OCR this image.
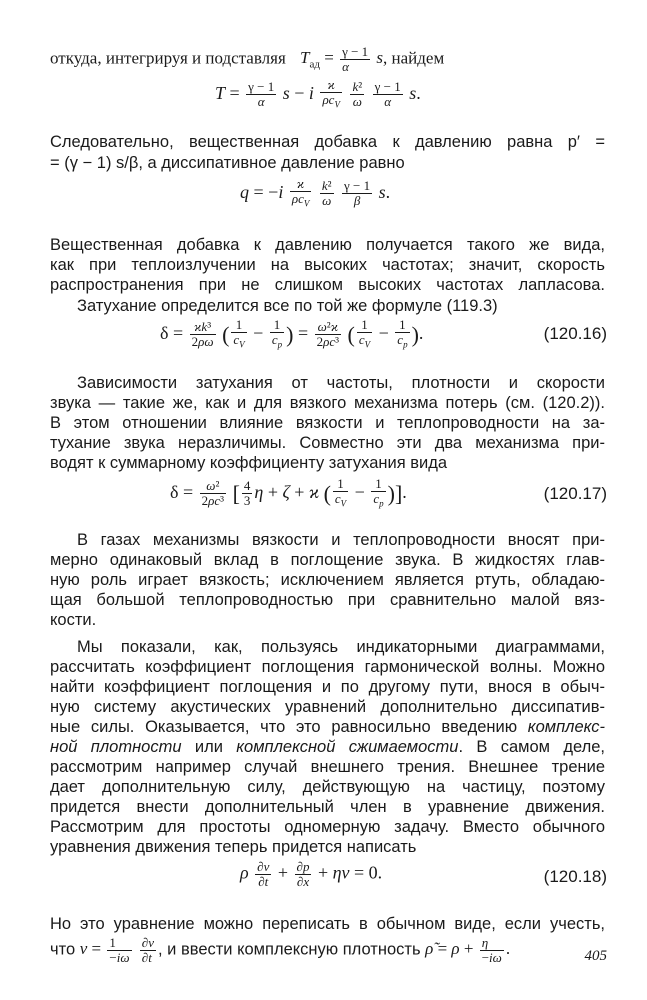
откуда, интегрируя и подставляя $T_{ад} = \frac{\gamma - 1}{\alpha} s$, найдем
$T = \frac{\gamma - 1}{\alpha}$ s − i $\frac{ϰ}{\rho c_V}$
$\frac{\text{k²}}{\omega}$
$\frac{\gamma - 1}{\alpha} s$.
Следовательно, вещественная добавка к давлению равна p′ =
= (γ − 1) s/β, а диссипативное давление равно
$q = -i \frac{ϰ}{\rho c_V}$
$\frac{\text{k²}}{\omega}$
$\frac{\gamma - 1}{\beta} s$.
Вещественная добавка к давлению получается такого же вида,
как при теплоизлучении на высоких частотах; значит, скорость
распространения при не слишком высоких частотах лапласова.
Затухание определится все по той же формуле (119.3)
$\delta = \frac{\text{ϰk³}}{2\rho\omega}$ ( $\frac{1}{c_V} - \frac{1}{c_p}$ ) = $\frac{\text{ω²ϰ}}{\text{2ρc³}}$ ( $\frac{1}{c_V} - \frac{1}{c_p}$ ).	(120.16)
Зависимости затухания от частоты, плотности и скорости
звука — такие же, как и для вязкого механизма потерь (см. (120.2)).
В этом отношении влияние вязкости и теплопроводности на за-
тухание звука неразличимы. Совместно эти два механизма при-
водят к суммарному коэффициенту затухания вида
$\delta = \frac{\text{ω²}}{\text{2ρc³}}$ [ $\frac{4}{3}$ η + ζ + ϰ ( $\frac{1}{c_V} - \frac{1}{c_p}$ )].	(120.17)
В газах механизмы вязкости и теплопроводности вносят при-
мерно одинаковый вклад в поглощение звука. В жидкостях глав-
ную роль играет вязкость; исключением является ртуть, обладаю-
щая большой теплопроводностью при сравнительно малой вяз-
кости.
Мы показали, как, пользуясь индикаторными диаграммами,
рассчитать коэффициент поглощения гармонической волны. Можно
найти коэффициент поглощения и по другому пути, внося в обыч-
ную систему акустических уравнений дополнительно диссипатив-
ные силы. Оказывается, что это равносильно введению комплекс-
ной плотности или комплексной сжимаемости. В самом деле,
рассмотрим например случай внешнего трения. Внешнее трение
дает дополнительную силу, действующую на частицу, поэтому
придется внести дополнительный член в уравнение движения.
Рассмотрим для простоты одномерную задачу. Вместо обычного
уравнения движения теперь придется написать
ρ $\frac{\partial v}{\partial t} + \frac{\partial p}{\partial x} + \eta v = 0$.	(120.18)
Но это уравнение можно переписать в обычном виде, если учесть,
что $v = \frac{1}{-i\omega}$
$\frac{\partial v}{\partial t}$ , и ввести комплексную плотность ρ̃ = $\rho + \frac{\eta}{-i\omega}$ .	405
